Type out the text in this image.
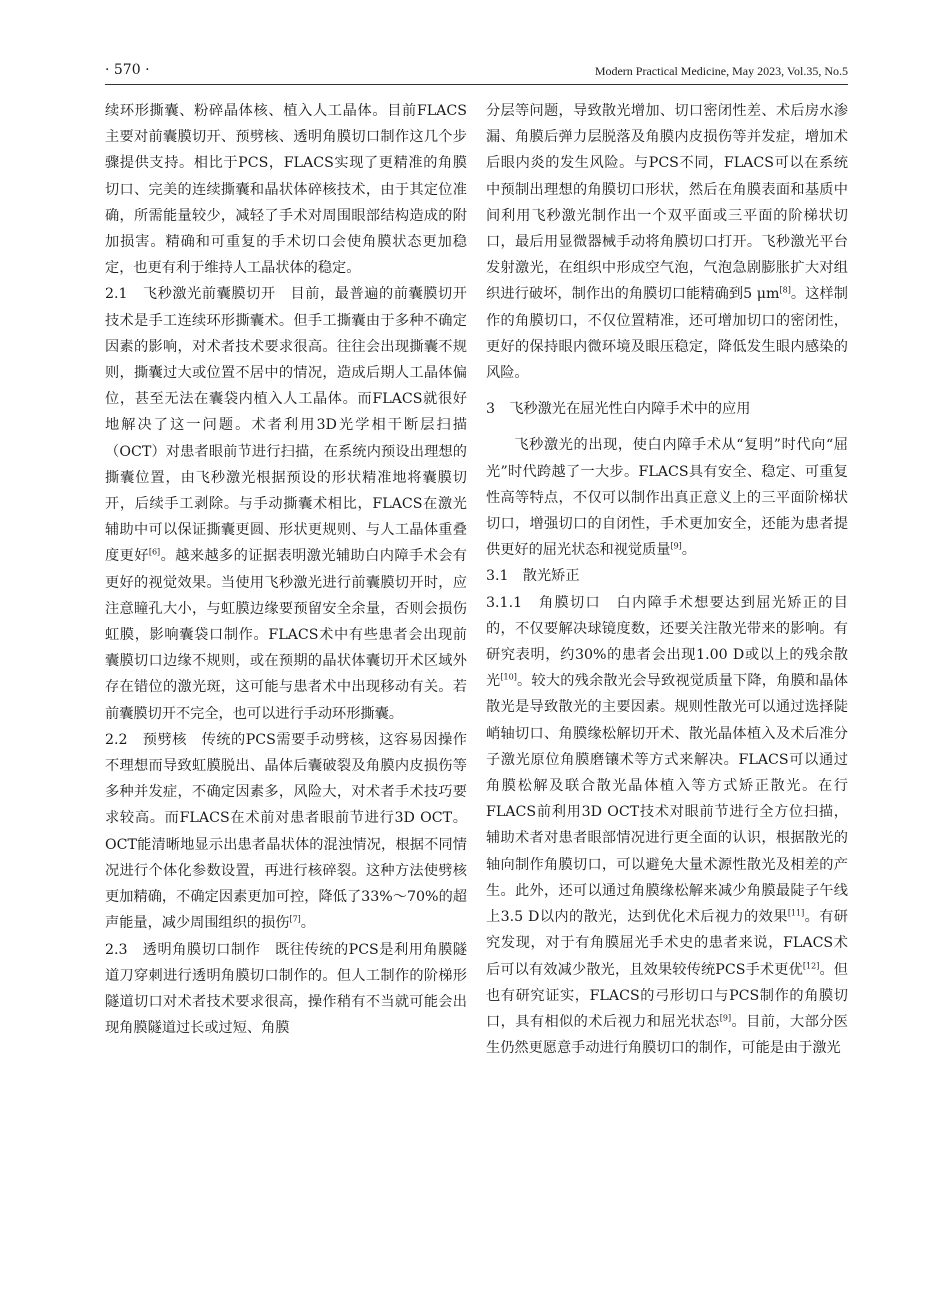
· 570 ·	Modern Practical Medicine, May 2023, Vol.35, No.5

续环形撕囊、粉碎晶体核、植入人工晶体。目前FLACS主要对前囊膜切开、预劈核、透明角膜切口制作这几个步骤提供支持。相比于PCS，FLACS实现了更精准的角膜切口、完美的连续撕囊和晶状体碎核技术，由于其定位准确，所需能量较少，减轻了手术对周围眼部结构造成的附加损害。精确和可重复的手术切口会使角膜状态更加稳定，也更有利于维持人工晶状体的稳定。

2.1　飞秒激光前囊膜切开　目前，最普遍的前囊膜切开技术是手工连续环形撕囊术。但手工撕囊由于多种不确定因素的影响，对术者技术要求很高。往往会出现撕囊不规则，撕囊过大或位置不居中的情况，造成后期人工晶体偏位，甚至无法在囊袋内植入人工晶体。而FLACS就很好地解决了这一问题。术者利用3D光学相干断层扫描（OCT）对患者眼前节进行扫描，在系统内预设出理想的撕囊位置，由飞秒激光根据预设的形状精准地将囊膜切开，后续手工剥除。与手动撕囊术相比，FLACS在激光辅助中可以保证撕囊更圆、形状更规则、与人工晶体重叠度更好[6]。越来越多的证据表明激光辅助白内障手术会有更好的视觉效果。当使用飞秒激光进行前囊膜切开时，应注意瞳孔大小，与虹膜边缘要预留安全余量，否则会损伤虹膜，影响囊袋口制作。FLACS术中有些患者会出现前囊膜切口边缘不规则，或在预期的晶状体囊切开术区域外存在错位的激光斑，这可能与患者术中出现移动有关。若前囊膜切开不完全，也可以进行手动环形撕囊。

2.2　预劈核　传统的PCS需要手动劈核，这容易因操作不理想而导致虹膜脱出、晶体后囊破裂及角膜内皮损伤等多种并发症，不确定因素多，风险大，对术者手术技巧要求较高。而FLACS在术前对患者眼前节进行3D OCT。OCT能清晰地显示出患者晶状体的混浊情况，根据不同情况进行个体化参数设置，再进行核碎裂。这种方法使劈核更加精确，不确定因素更加可控，降低了33%～70%的超声能量，减少周围组织的损伤[7]。

2.3　透明角膜切口制作　既往传统的PCS是利用角膜隧道刀穿刺进行透明角膜切口制作的。但人工制作的阶梯形隧道切口对术者技术要求很高，操作稍有不当就可能会出现角膜隧道过长或过短、角膜

分层等问题，导致散光增加、切口密闭性差、术后房水渗漏、角膜后弹力层脱落及角膜内皮损伤等并发症，增加术后眼内炎的发生风险。与PCS不同，FLACS可以在系统中预制出理想的角膜切口形状，然后在角膜表面和基质中间利用飞秒激光制作出一个双平面或三平面的阶梯状切口，最后用显微器械手动将角膜切口打开。飞秒激光平台发射激光，在组织中形成空气泡，气泡急剧膨胀扩大对组织进行破坏，制作出的角膜切口能精确到5 μm[8]。这样制作的角膜切口，不仅位置精准，还可增加切口的密闭性，更好的保持眼内微环境及眼压稳定，降低发生眼内感染的风险。

3　飞秒激光在屈光性白内障手术中的应用

飞秒激光的出现，使白内障手术从“复明”时代向“屈光”时代跨越了一大步。FLACS具有安全、稳定、可重复性高等特点，不仅可以制作出真正意义上的三平面阶梯状切口，增强切口的自闭性，手术更加安全，还能为患者提供更好的屈光状态和视觉质量[9]。

3.1　散光矫正

3.1.1　角膜切口　白内障手术想要达到屈光矫正的目的，不仅要解决球镜度数，还要关注散光带来的影响。有研究表明，约30%的患者会出现1.00 D或以上的残余散光[10]。较大的残余散光会导致视觉质量下降，角膜和晶体散光是导致散光的主要因素。规则性散光可以通过选择陡峭轴切口、角膜缘松解切开术、散光晶体植入及术后准分子激光原位角膜磨镶术等方式来解决。FLACS可以通过角膜松解及联合散光晶体植入等方式矫正散光。在行FLACS前利用3D OCT技术对眼前节进行全方位扫描，辅助术者对患者眼部情况进行更全面的认识，根据散光的轴向制作角膜切口，可以避免大量术源性散光及相差的产生。此外，还可以通过角膜缘松解来减少角膜最陡子午线上3.5 D以内的散光，达到优化术后视力的效果[11]。有研究发现，对于有角膜屈光手术史的患者来说，FLACS术后可以有效减少散光，且效果较传统PCS手术更优[12]。但也有研究证实，FLACS的弓形切口与PCS制作的角膜切口，具有相似的术后视力和屈光状态[9]。目前，大部分医生仍然更愿意手动进行角膜切口的制作，可能是由于激光
